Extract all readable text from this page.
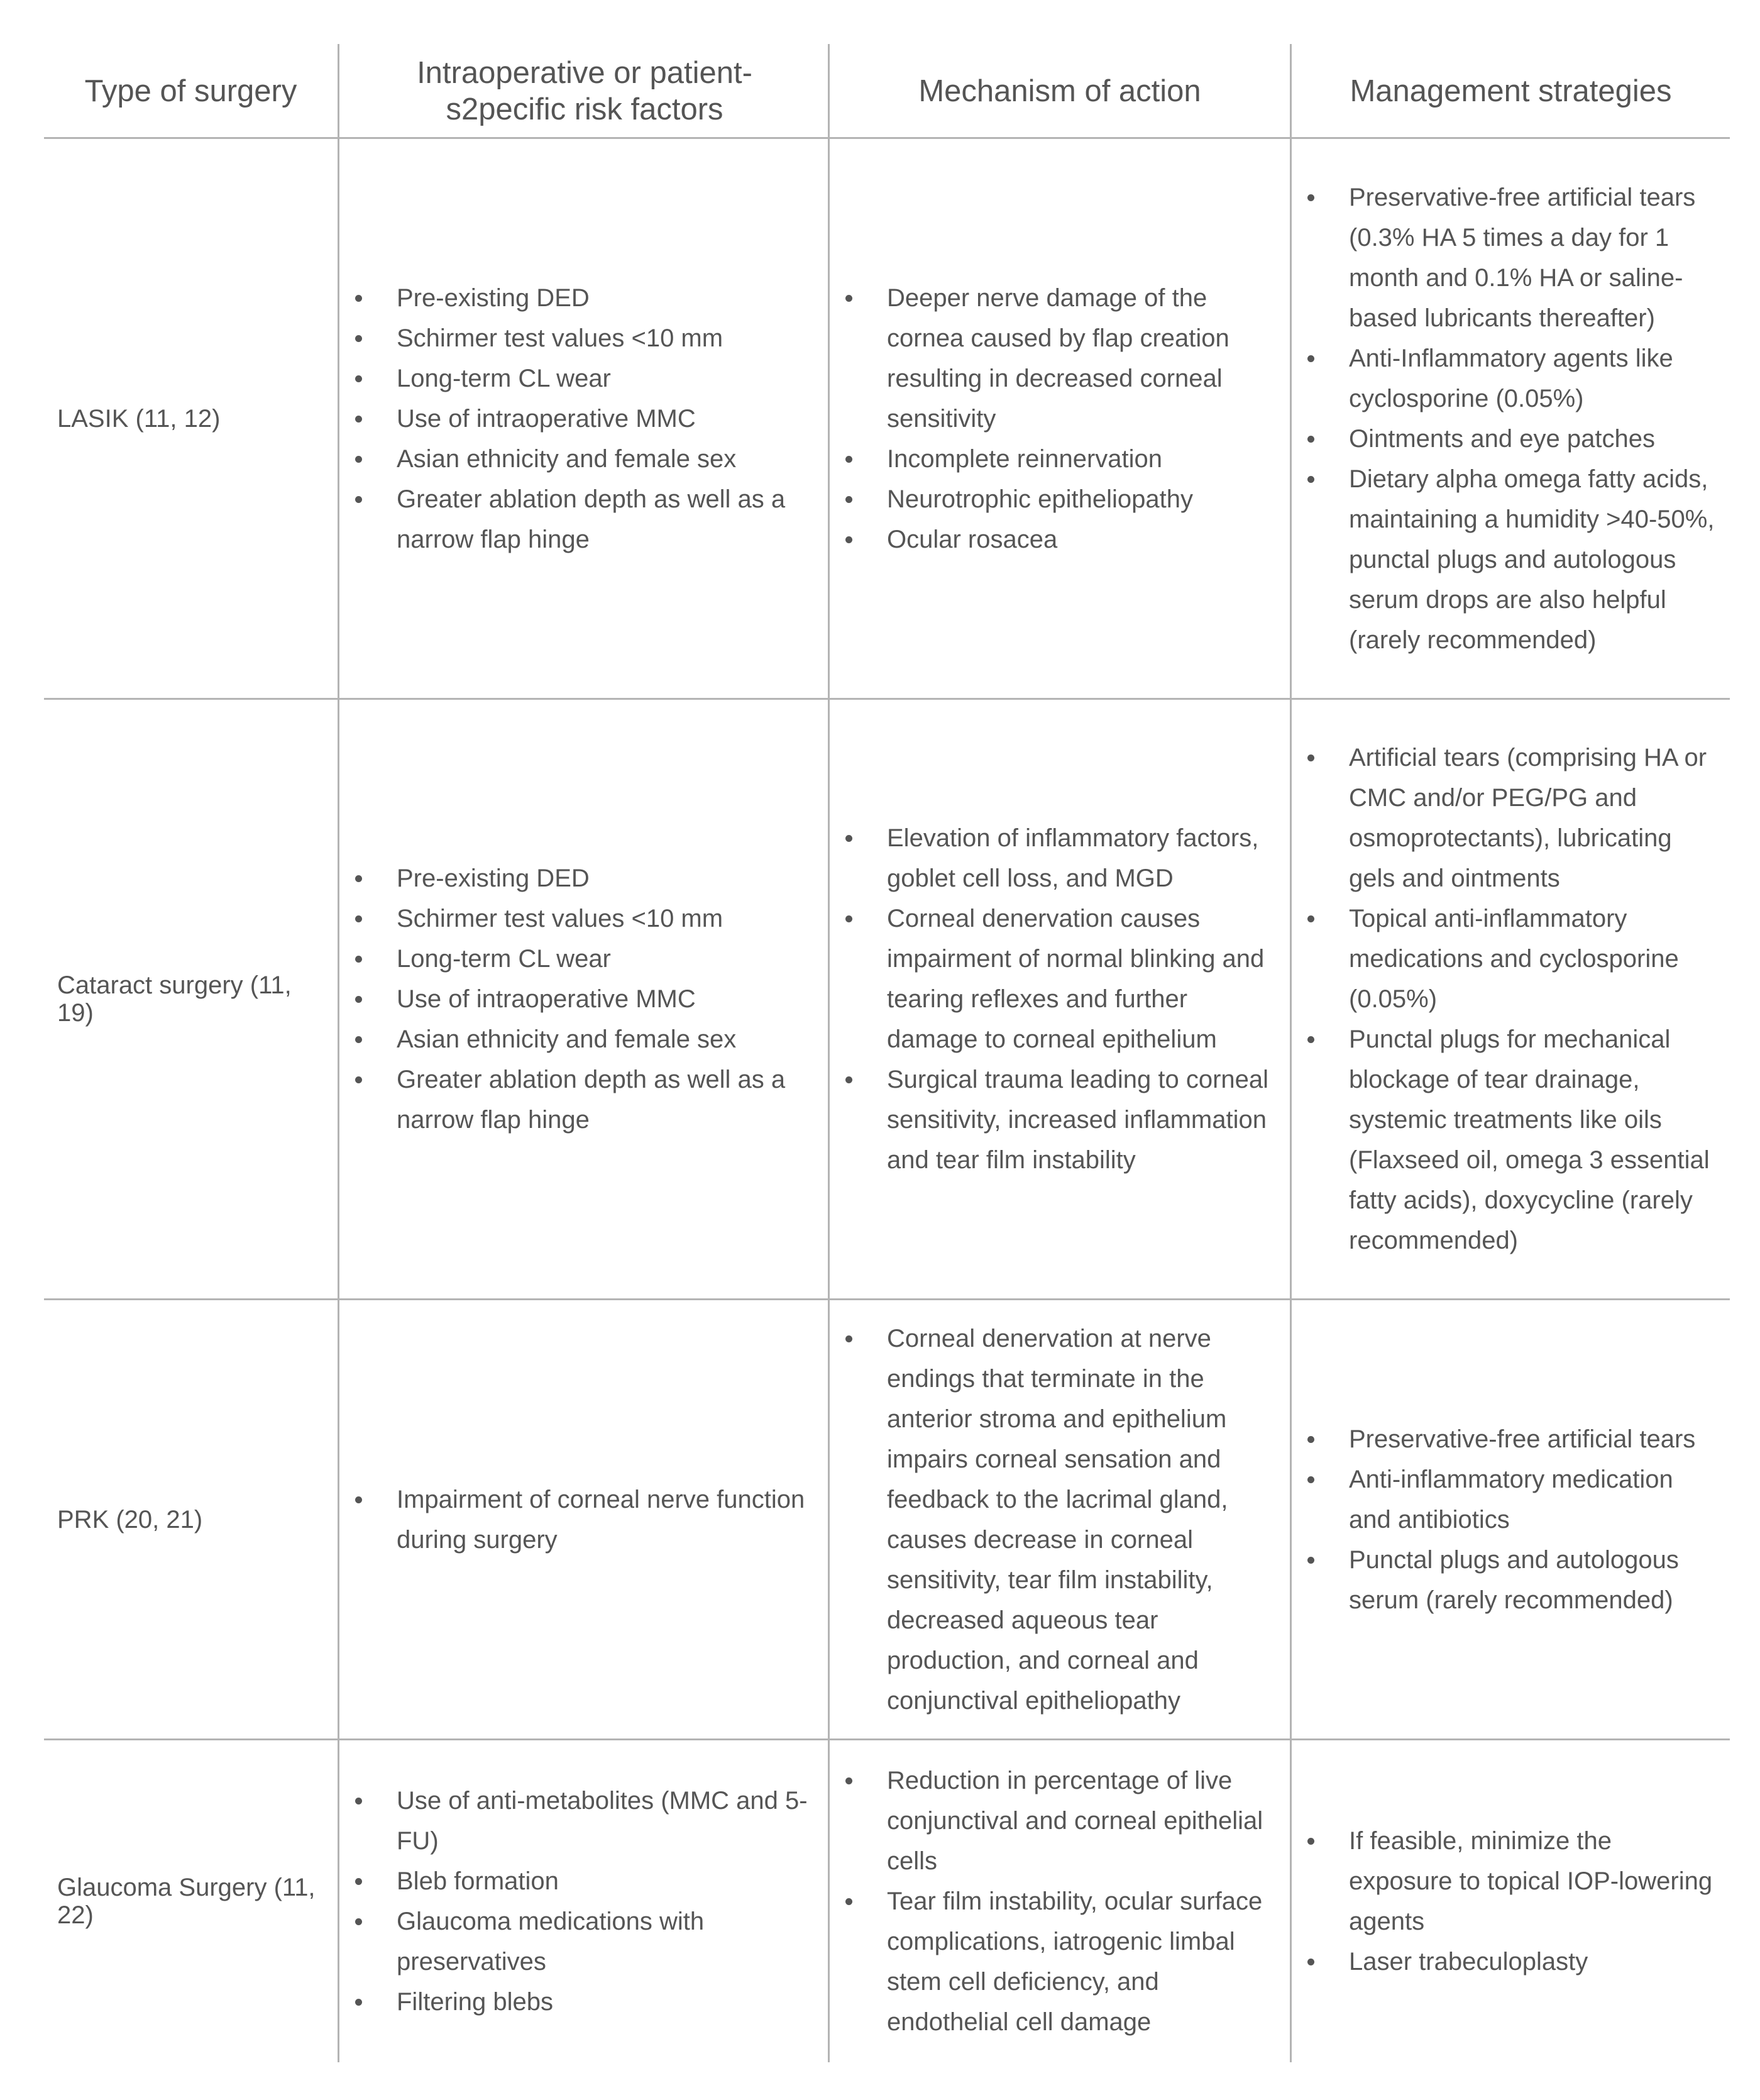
Type of surgery
Intraoperative or patient-s2pecific risk factors
Mechanism of action	Management strategies
LASIK (11, 12)
Pre-existing DED
Schirmer test values <10 mm
Long-term CL wear
Use of intraoperative MMC
Asian ethnicity and female sex
Greater ablation depth as well as a narrow flap hinge
Deeper nerve damage of the cornea caused by flap creation resulting in decreased corneal sensitivity
Incomplete reinnervation
Neurotrophic epitheliopathy
Ocular rosacea
Preservative-free artificial tears (0.3% HA 5 times a day for 1 month and 0.1% HA or saline-based lubricants thereafter)
Anti-Inflammatory agents like cyclosporine (0.05%)
Ointments and eye patches
Dietary alpha omega fatty acids, maintaining a humidity >40-50%, punctal plugs and autologous serum drops are also helpful (rarely recommended)
Cataract surgery (11, 19)
Pre-existing DED
Schirmer test values <10 mm
Long-term CL wear
Use of intraoperative MMC
Asian ethnicity and female sex
Greater ablation depth as well as a narrow flap hinge
Elevation of inflammatory factors, goblet cell loss, and MGD
Corneal denervation causes impairment of normal blinking and tearing reflexes and further damage to corneal epithelium
Surgical trauma leading to corneal sensitivity, increased inflammation and tear film instability
Artificial tears (comprising HA or CMC and/or PEG/PG and osmoprotectants), lubricating gels and ointments
Topical anti-inflammatory medications and cyclosporine (0.05%)
Punctal plugs for mechanical blockage of tear drainage, systemic treatments like oils (Flaxseed oil, omega 3 essential fatty acids), doxycycline (rarely recommended)
PRK (20, 21)
Impairment of corneal nerve function during surgery
Corneal denervation at nerve endings that terminate in the anterior stroma and epithelium impairs corneal sensation and feedback to the lacrimal gland, causes decrease in corneal sensitivity, tear film instability, decreased aqueous tear production, and corneal and conjunctival epitheliopathy
Preservative-free artificial tears
Anti-inflammatory medication and antibiotics
Punctal plugs and autologous serum (rarely recommended)
Glaucoma Surgery (11, 22)
Use of anti-metabolites (MMC and 5-FU)
Bleb formation
Glaucoma medications with preservatives
Filtering blebs
Reduction in percentage of live conjunctival and corneal epithelial cells
Tear film instability, ocular surface complications, iatrogenic limbal stem cell deficiency, and endothelial cell damage
If feasible, minimize the exposure to topical IOP-lowering agents
Laser trabeculoplasty
